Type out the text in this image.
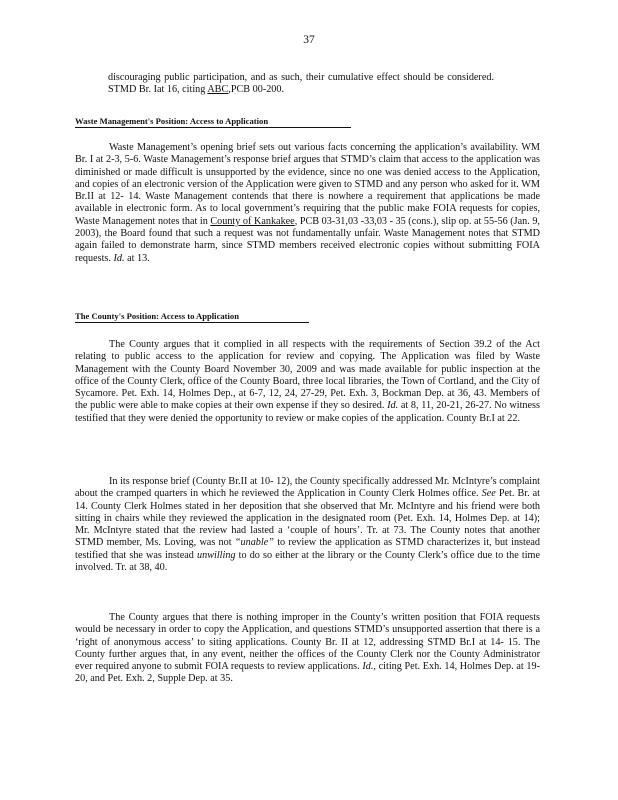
37

discouraging public participation, and as such, their cumulative effect should be considered. STMD Br. Iat 16, citing ABC,PCB 00-200.

Waste Management's Position: Access to Application

Waste Management’s opening brief sets out various facts concerning the application’s availability. WM Br. I at 2-3, 5-6. Waste Management’s response brief argues that STMD’s claim that access to the application was diminished or made difficult is unsupported by the evidence, since no one was denied access to the Application, and copies of an electronic version of the Application were given to STMD and any person who asked for it. WM Br.II at 12- 14. Waste Management contends that there is nowhere a requirement that applications be made available in electronic form. As to local government’s requiring that the public make FOIA requests for copies, Waste Management notes that in County of Kankakee, PCB 03-31,03 -33,03 - 35 (cons.), slip op. at 55-56 (Jan. 9, 2003), the Board found that such a request was not fundamentally unfair. Waste Management notes that STMD again failed to demonstrate harm, since STMD members received electronic copies without submitting FOIA requests. Id. at 13.

The County's Position: Access to Application

The County argues that it complied in all respects with the requirements of Section 39.2 of the Act relating to public access to the application for review and copying. The Application was filed by Waste Management with the County Board November 30, 2009 and was made available for public inspection at the office of the County Clerk, office of the County Board, three local libraries, the Town of Cortland, and the City of Sycamore. Pet. Exh. 14, Holmes Dep., at 6-7, 12, 24, 27-29, Pet. Exh. 3, Bockman Dep. at 36, 43. Members of the public were able to make copies at their own expense if they so desired. Id. at 8, 11, 20-21, 26-27. No witness testified that they were denied the opportunity to review or make copies of the application. County Br.I at 22.

In its response brief (County Br.II at 10- 12), the County specifically addressed Mr. McIntyre’s complaint about the cramped quarters in which he reviewed the Application in County Clerk Holmes office. See Pet. Br. at 14. County Clerk Holmes stated in her deposition that she observed that Mr. McIntyre and his friend were both sitting in chairs while they reviewed the application in the designated room (Pet. Exh. 14, Holmes Dep. at 14); Mr. McIntyre stated that the review had lasted a ‘couple of hours’. Tr. at 73. The County notes that another STMD member, Ms. Loving, was not “unable” to review the application as STMD characterizes it, but instead testified that she was instead unwilling to do so either at the library or the County Clerk’s office due to the time involved. Tr. at 38, 40.

The County argues that there is nothing improper in the County’s written position that FOIA requests would be necessary in order to copy the Application, and questions STMD’s unsupported assertion that there is a ‘right of anonymous access’ to siting applications. County Br. II at 12, addressing STMD Br.I at 14- 15. The County further argues that, in any event, neither the offices of the County Clerk nor the County Administrator ever required anyone to submit FOIA requests to review applications. Id., citing Pet. Exh. 14, Holmes Dep. at 19-20, and Pet. Exh. 2, Supple Dep. at 35.
